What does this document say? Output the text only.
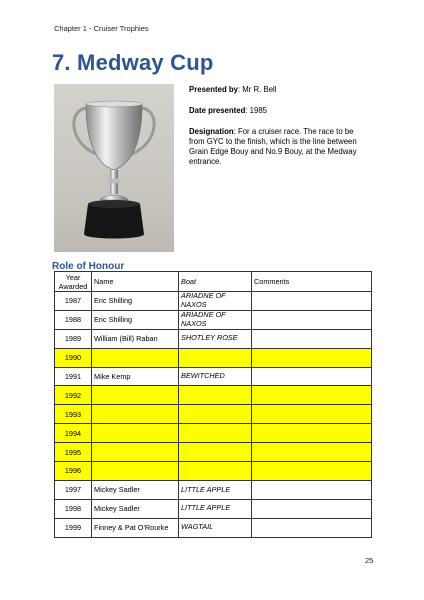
Chapter 1 - Cruiser Trophies
7. Medway Cup

Presented by: Mr R. Bell

Date presented: 1985

Designation: For a cruiser race. The race to be from GYC to the finish, which is the line between Grain Edge Bouy and No.9 Bouy, at the Medway entrance.

Role of Honour
Year Awarded	Name	Boat	Comments
1987	Eric Shilling	ARIADNE OF NAXOS	
1988	Eric Shilling	ARIADNE OF NAXOS	
1989	William (Bill) Raban	SHOTLEY ROSE	
1990			
1991	Mike Kemp	BEWITCHED	
1992			
1993			
1994			
1995			
1996			
1997	Mickey Sadler	LITTLE APPLE	
1998	Mickey Sadler	LITTLE APPLE	
1999	Finney & Pat O'Rourke	WAGTAIL	
25
